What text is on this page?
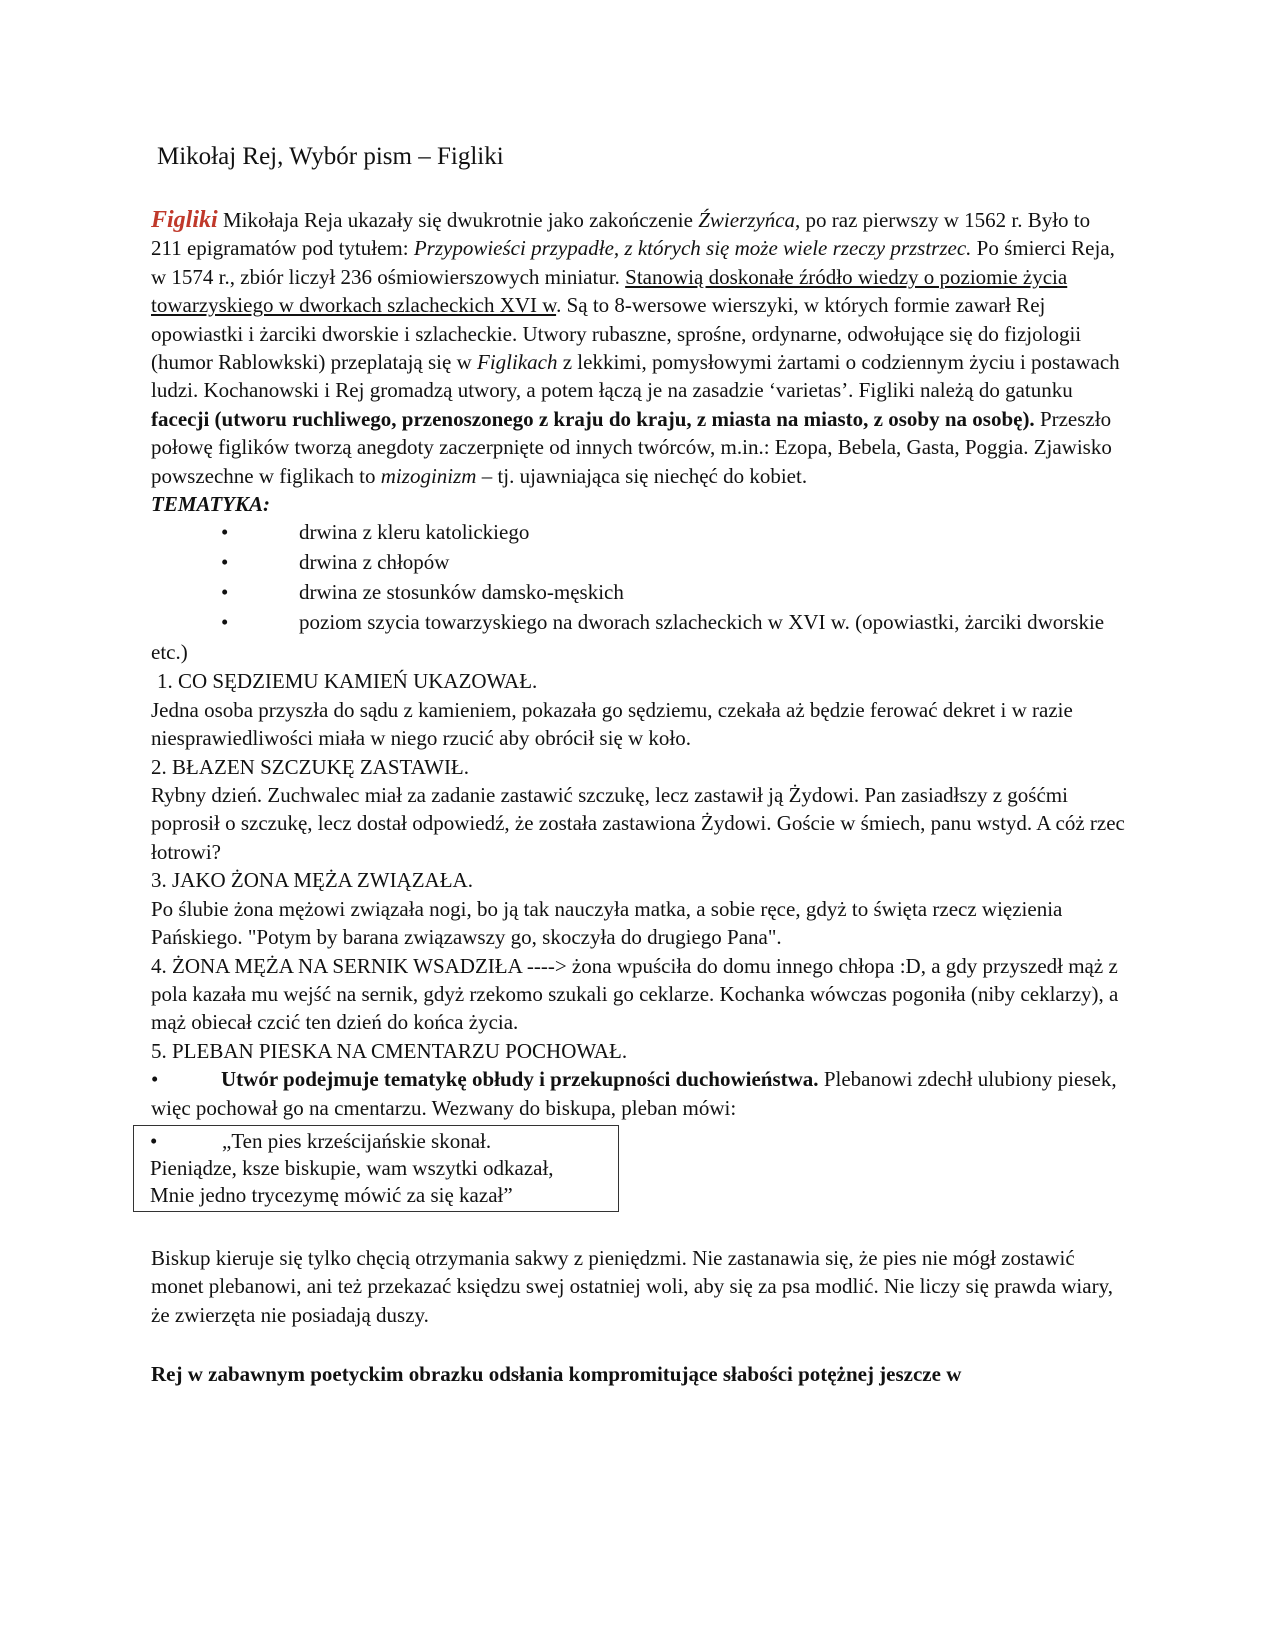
Mikołaj Rej, Wybór pism – Figliki

Figliki Mikołaja Reja ukazały się dwukrotnie jako zakończenie Źwierzyńca, po raz pierwszy w 1562 r. Było to 211 epigramatów pod tytułem: Przypowieści przypadłe, z których się może wiele rzeczy przstrzec. Po śmierci Reja, w 1574 r., zbiór liczył 236 ośmiowierszowych miniatur. Stanowią doskonałe źródło wiedzy o poziomie życia towarzyskiego w dworkach szlacheckich XVI w. Są to 8-wersowe wierszyki, w których formie zawarł Rej opowiastki i żarciki dworskie i szlacheckie. Utwory rubaszne, sprośne, ordynarne, odwołujące się do fizjologii (humor Rablowkski) przeplatają się w Figlikach z lekkimi, pomysłowymi żartami o codziennym życiu i postawach ludzi. Kochanowski i Rej gromadzą utwory, a potem łączą je na zasadzie ‘varietas’. Figliki należą do gatunku facecji (utworu ruchliwego, przenoszonego z kraju do kraju, z miasta na miasto, z osoby na osobę). Przeszło połowę figlików tworzą anegdoty zaczerpnięte od innych twórców, m.in.: Ezopa, Bebela, Gasta, Poggia. Zjawisko powszechne w figlikach to mizoginizm – tj. ujawniająca się niechęć do kobiet.

TEMATYKA:

•	drwina z kleru katolickiego
•	drwina z chłopów
•	drwina ze stosunków damsko-męskich
•	poziom szycia towarzyskiego na dworach szlacheckich w XVI w. (opowiastki, żarciki dworskie etc.)

1. CO SĘDZIEMU KAMIEŃ UKAZOWAŁ.

Jedna osoba przyszła do sądu z kamieniem, pokazała go sędziemu, czekała aż będzie ferować dekret i w razie niesprawiedliwości miała w niego rzucić aby obrócił się w koło.

2. BŁAZEN SZCZUKĘ ZASTAWIŁ.

Rybny dzień. Zuchwalec miał za zadanie zastawić szczukę, lecz zastawił ją Żydowi. Pan zasiadłszy z gośćmi poprosił o szczukę, lecz dostał odpowiedź, że została zastawiona Żydowi. Goście w śmiech, panu wstyd. A cóż rzec łotrowi?

3. JAKO ŻONA MĘŻA ZWIĄZAŁA.

Po ślubie żona mężowi związała nogi, bo ją tak nauczyła matka, a sobie ręce, gdyż to święta rzecz więzienia Pańskiego. "Potym by barana związawszy go, skoczyła do drugiego Pana".

4. ŻONA MĘŻA NA SERNIK WSADZIŁA ----> żona wpuściła do domu innego chłopa :D, a gdy przyszedł mąż z pola kazała mu wejść na sernik, gdyż rzekomo szukali go ceklarze. Kochanka wówczas pogoniła (niby ceklarzy), a mąż obiecał czcić ten dzień do końca życia.

5. PLEBAN PIESKA NA CMENTARZU POCHOWAŁ.

•	Utwór podejmuje tematykę obłudy i przekupności duchowieństwa. Plebanowi zdechł ulubiony piesek, więc pochował go na cmentarzu. Wezwany do biskupa, pleban mówi:

•	„Ten pies krześcijańskie skonał.
Pieniądze, ksze biskupie, wam wszytki odkazał,
Mnie jedno trycezymę mówić za się kazał”

Biskup kieruje się tylko chęcią otrzymania sakwy z pieniędzmi. Nie zastanawia się, że pies nie mógł zostawić monet plebanowi, ani też przekazać księdzu swej ostatniej woli, aby się za psa modlić. Nie liczy się prawda wiary, że zwierzęta nie posiadają duszy.

Rej w zabawnym poetyckim obrazku odsłania kompromitujące słabości potężnej jeszcze w
